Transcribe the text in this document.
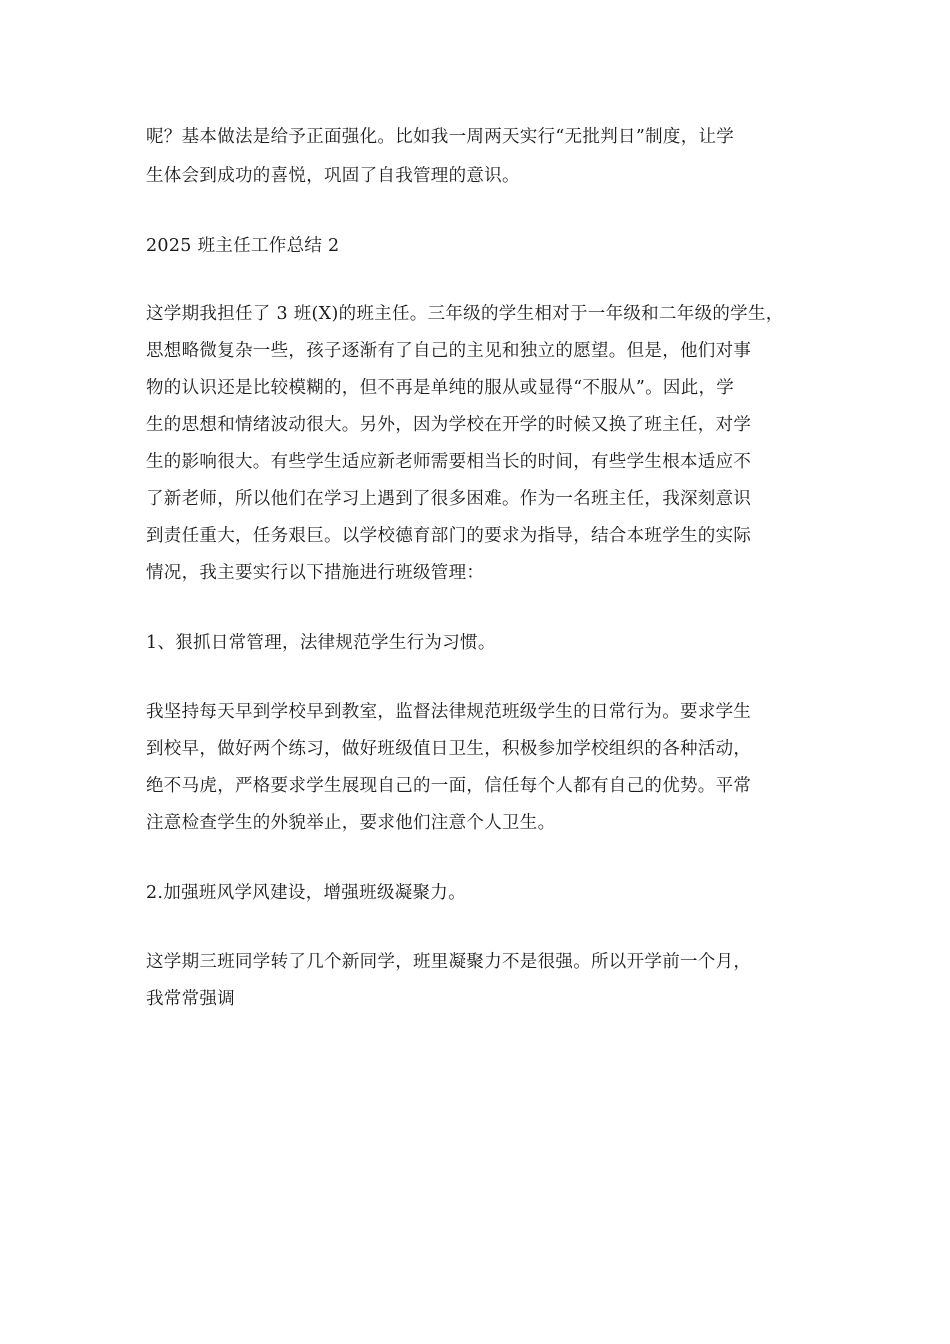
呢？基本做法是给予正面强化。比如我一周两天实行“无批判日”制度，让学
生体会到成功的喜悦，巩固了自我管理的意识。
2025 班主任工作总结 2
这学期我担任了 3 班(X)的班主任。三年级的学生相对于一年级和二年级的学生，
思想略微复杂一些，孩子逐渐有了自己的主见和独立的愿望。但是，他们对事
物的认识还是比较模糊的，但不再是单纯的服从或显得“不服从”。因此，学
生的思想和情绪波动很大。另外，因为学校在开学的时候又换了班主任，对学
生的影响很大。有些学生适应新老师需要相当长的时间，有些学生根本适应不
了新老师，所以他们在学习上遇到了很多困难。作为一名班主任，我深刻意识
到责任重大，任务艰巨。以学校德育部门的要求为指导，结合本班学生的实际
情况，我主要实行以下措施进行班级管理：
1、狠抓日常管理，法律规范学生行为习惯。
我坚持每天早到学校早到教室，监督法律规范班级学生的日常行为。要求学生
到校早，做好两个练习，做好班级值日卫生，积极参加学校组织的各种活动，
绝不马虎，严格要求学生展现自己的一面，信任每个人都有自己的优势。平常
注意检查学生的外貌举止，要求他们注意个人卫生。
2.加强班风学风建设，增强班级凝聚力。
这学期三班同学转了几个新同学，班里凝聚力不是很强。所以开学前一个月，
我常常强调
